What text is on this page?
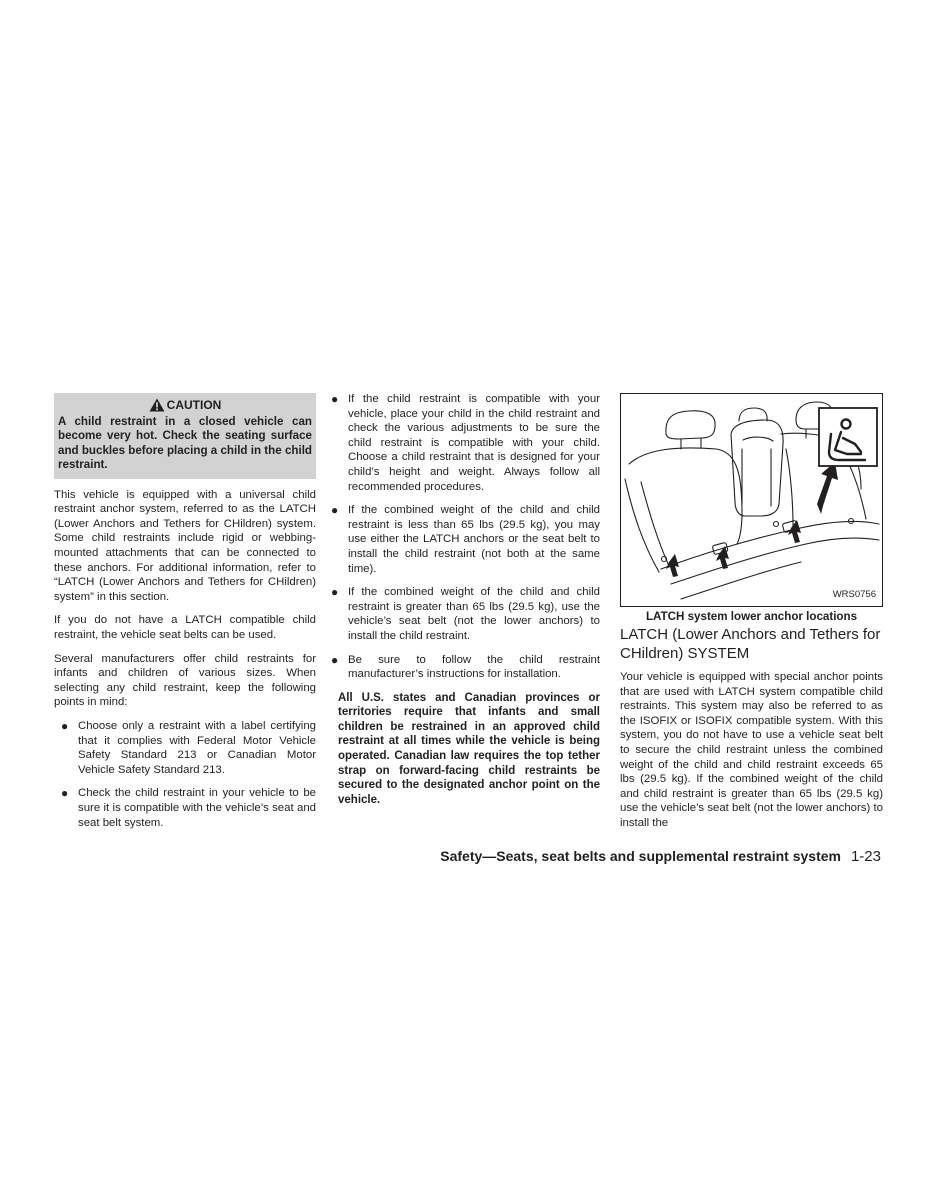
CAUTION
A child restraint in a closed vehicle can become very hot. Check the seating surface and buckles before placing a child in the child restraint.

This vehicle is equipped with a universal child restraint anchor system, referred to as the LATCH (Lower Anchors and Tethers for CHildren) system. Some child restraints include rigid or webbing-mounted attachments that can be connected to these anchors. For additional information, refer to “LATCH (Lower Anchors and Tethers for CHildren) system” in this section.

If you do not have a LATCH compatible child restraint, the vehicle seat belts can be used.

Several manufacturers offer child restraints for infants and children of various sizes. When selecting any child restraint, keep the following points in mind:

● Choose only a restraint with a label certifying that it complies with Federal Motor Vehicle Safety Standard 213 or Canadian Motor Vehicle Safety Standard 213.
● Check the child restraint in your vehicle to be sure it is compatible with the vehicle’s seat and seat belt system.
● If the child restraint is compatible with your vehicle, place your child in the child restraint and check the various adjustments to be sure the child restraint is compatible with your child. Choose a child restraint that is designed for your child’s height and weight. Always follow all recommended procedures.
● If the combined weight of the child and child restraint is less than 65 lbs (29.5 kg), you may use either the LATCH anchors or the seat belt to install the child restraint (not both at the same time).
● If the combined weight of the child and child restraint is greater than 65 lbs (29.5 kg), use the vehicle’s seat belt (not the lower anchors) to install the child restraint.
● Be sure to follow the child restraint manufacturer’s instructions for installation.

All U.S. states and Canadian provinces or territories require that infants and small children be restrained in an approved child restraint at all times while the vehicle is being operated. Canadian law requires the top tether strap on forward-facing child restraints be secured to the designated anchor point on the vehicle.

WRS0756
LATCH system lower anchor locations
LATCH (Lower Anchors and Tethers for CHildren) SYSTEM

Your vehicle is equipped with special anchor points that are used with LATCH system compatible child restraints. This system may also be referred to as the ISOFIX or ISOFIX compatible system. With this system, you do not have to use a vehicle seat belt to secure the child restraint unless the combined weight of the child and child restraint exceeds 65 lbs (29.5 kg). If the combined weight of the child and child restraint is greater than 65 lbs (29.5 kg) use the vehicle’s seat belt (not the lower anchors) to install the

Safety—Seats, seat belts and supplemental restraint system 1-23
